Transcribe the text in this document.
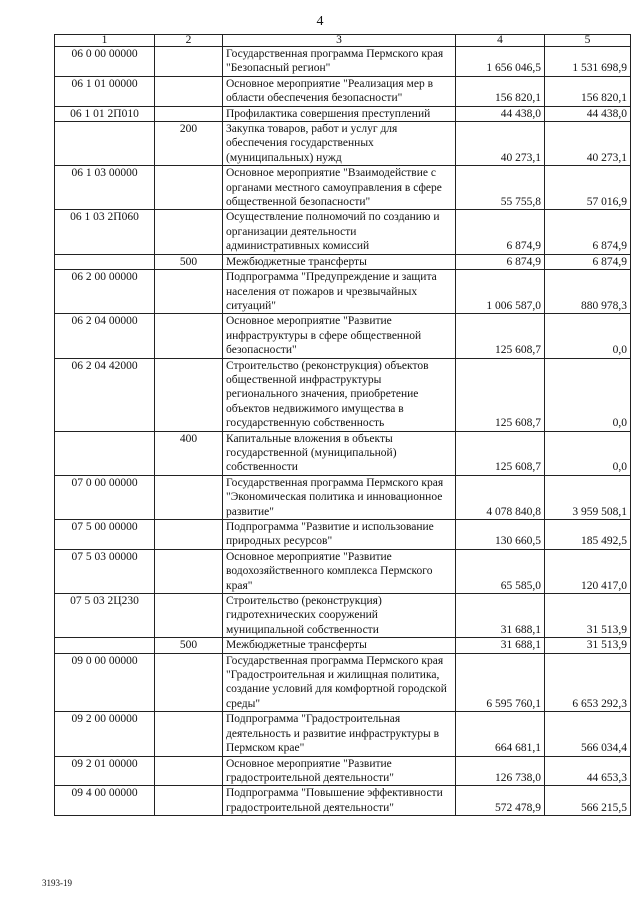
4
1	2	3	4	5
06 0 00 00000		Государственная программа Пермского края "Безопасный регион"	1 656 046,5	1 531 698,9
06 1 01 00000		Основное мероприятие "Реализация мер в области обеспечения безопасности"	156 820,1	156 820,1
06 1 01 2П010		Профилактика совершения преступлений	44 438,0	44 438,0
	200	Закупка товаров, работ и услуг для обеспечения государственных (муниципальных) нужд	40 273,1	40 273,1
06 1 03 00000		Основное мероприятие "Взаимодействие с органами местного самоуправления в сфере общественной безопасности"	55 755,8	57 016,9
06 1 03 2П060		Осуществление полномочий по созданию и организации деятельности административных комиссий	6 874,9	6 874,9
	500	Межбюджетные трансферты	6 874,9	6 874,9
06 2 00 00000		Подпрограмма "Предупреждение и защита населения от пожаров и чрезвычайных ситуаций"	1 006 587,0	880 978,3
06 2 04 00000		Основное мероприятие "Развитие инфраструктуры в сфере общественной безопасности"	125 608,7	0,0
06 2 04 42000		Строительство (реконструкция) объектов общественной инфраструктуры регионального значения, приобретение объектов недвижимого имущества в государственную собственность	125 608,7	0,0
	400	Капитальные вложения в объекты государственной (муниципальной) собственности	125 608,7	0,0
07 0 00 00000		Государственная программа Пермского края "Экономическая политика и инновационное развитие"	4 078 840,8	3 959 508,1
07 5 00 00000		Подпрограмма "Развитие и использование природных ресурсов"	130 660,5	185 492,5
07 5 03 00000		Основное мероприятие "Развитие водохозяйственного комплекса Пермского края"	65 585,0	120 417,0
07 5 03 2Ц230		Строительство (реконструкция) гидротехнических сооружений муниципальной собственности	31 688,1	31 513,9
	500	Межбюджетные трансферты	31 688,1	31 513,9
09 0 00 00000		Государственная программа Пермского края "Градостроительная и жилищная политика, создание условий для комфортной городской среды"	6 595 760,1	6 653 292,3
09 2 00 00000		Подпрограмма "Градостроительная деятельность и развитие инфраструктуры в Пермском крае"	664 681,1	566 034,4
09 2 01 00000		Основное мероприятие "Развитие градостроительной деятельности"	126 738,0	44 653,3
09 4 00 00000		Подпрограмма "Повышение эффективности градостроительной деятельности"	572 478,9	566 215,5
3193-19
